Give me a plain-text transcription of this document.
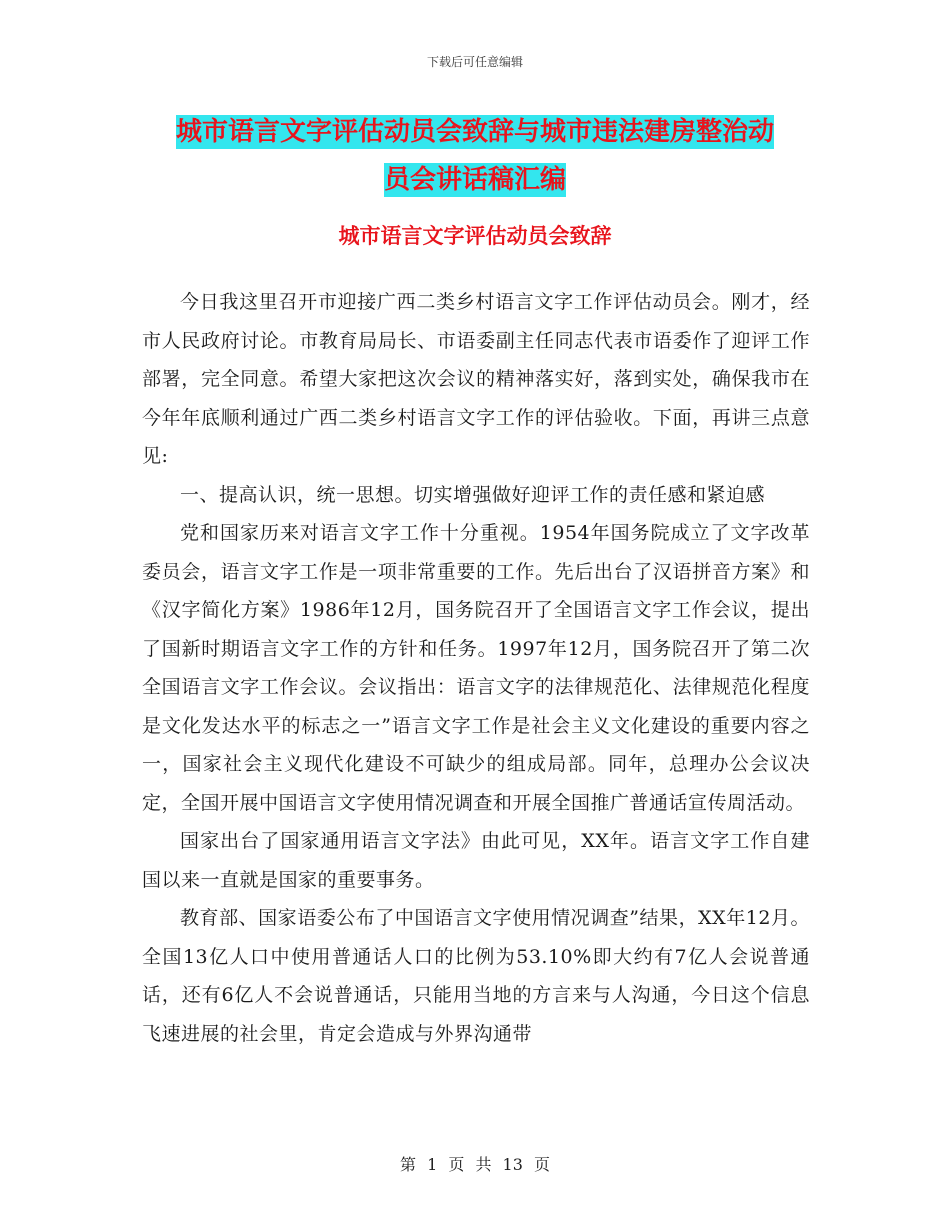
下载后可任意编辑
城市语言文字评估动员会致辞与城市违法建房整治动
员会讲话稿汇编
城市语言文字评估动员会致辞

今日我这里召开市迎接广西二类乡村语言文字工作评估动员会。刚才，经市人民政府讨论。市教育局局长、市语委副主任同志代表市语委作了迎评工作部署，完全同意。希望大家把这次会议的精神落实好，落到实处，确保我市在今年年底顺利通过广西二类乡村语言文字工作的评估验收。下面，再讲三点意见:

一、提高认识，统一思想。切实增强做好迎评工作的责任感和紧迫感

党和国家历来对语言文字工作十分重视。1954年国务院成立了文字改革委员会，语言文字工作是一项非常重要的工作。先后出台了汉语拼音方案》和《汉字简化方案》1986年12月，国务院召开了全国语言文字工作会议，提出了国新时期语言文字工作的方针和任务。1997年12月，国务院召开了第二次全国语言文字工作会议。会议指出：语言文字的法律规范化、法律规范化程度是文化发达水平的标志之一”语言文字工作是社会主义文化建设的重要内容之一，国家社会主义现代化建设不可缺少的组成局部。同年，总理办公会议决定，全国开展中国语言文字使用情况调查和开展全国推广普通话宣传周活动。

国家出台了国家通用语言文字法》由此可见，XX年。语言文字工作自建国以来一直就是国家的重要事务。

教育部、国家语委公布了中国语言文字使用情况调查”结果，XX年12月。全国13亿人口中使用普通话人口的比例为53.10%即大约有7亿人会说普通话，还有6亿人不会说普通话，只能用当地的方言来与人沟通，今日这个信息飞速进展的社会里，肯定会造成与外界沟通带

第 1 页 共 13 页
